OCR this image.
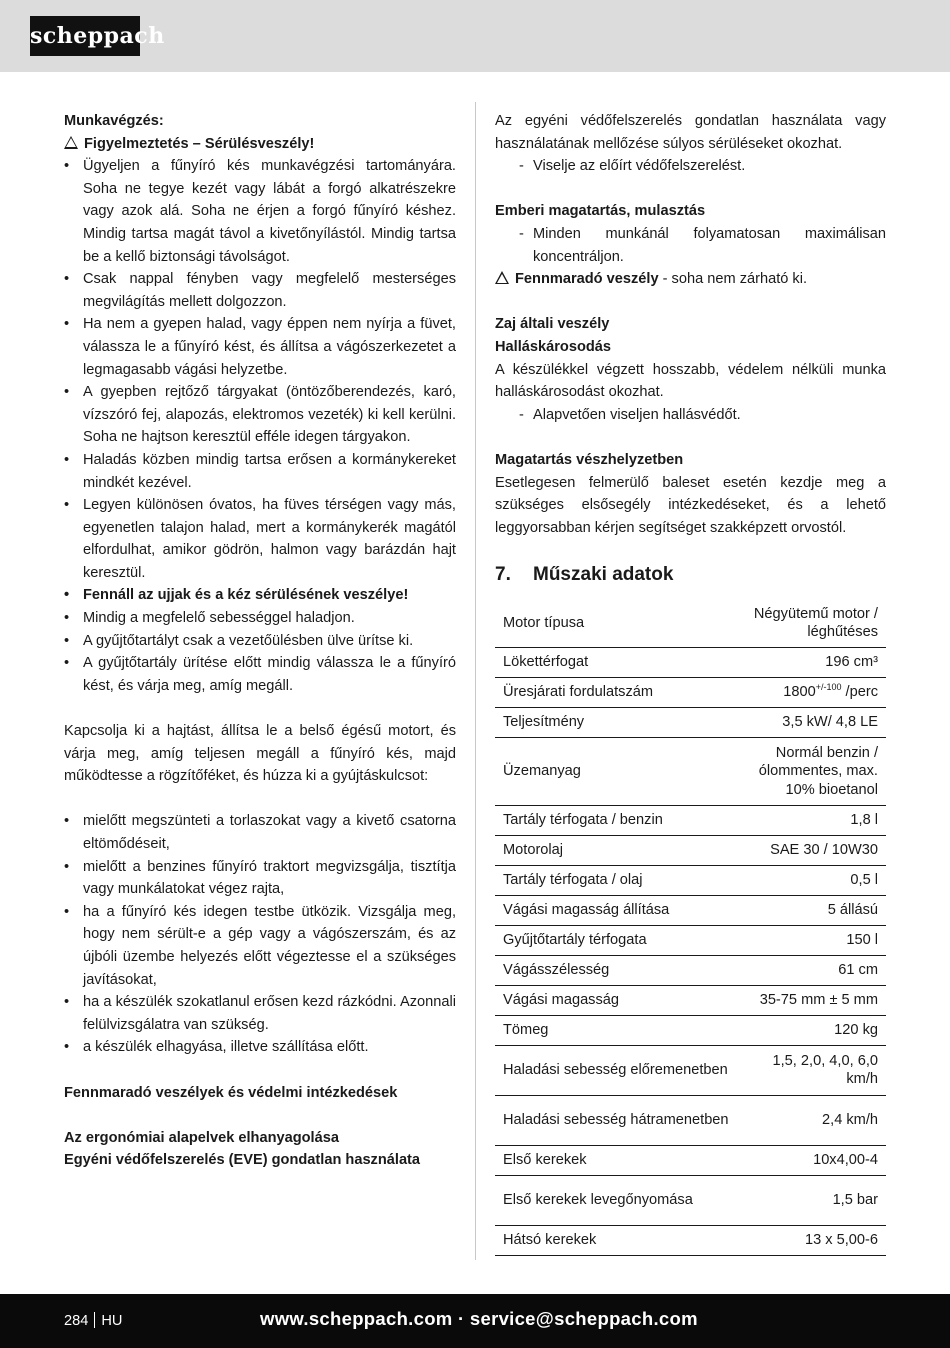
scheppach

Munkavégzés:

Figyelmeztetés – Sérülésveszély!

• Ügyeljen a fűnyíró kés munkavégzési tartományára. Soha ne tegye kezét vagy lábát a forgó alkatrészekre vagy azok alá. Soha ne érjen a forgó fűnyíró késhez. Mindig tartsa magát távol a kivetőnyílástól. Mindig tartsa be a kellő biztonsági távolságot.
• Csak nappal fényben vagy megfelelő mesterséges megvilágítás mellett dolgozzon.
• Ha nem a gyepen halad, vagy éppen nem nyírja a füvet, válassza le a fűnyíró kést, és állítsa a vágószerkezetet a legmagasabb vágási helyzetbe.
• A gyepben rejtőző tárgyakat (öntözőberendezés, karó, vízszóró fej, alapozás, elektromos vezeték) ki kell kerülni. Soha ne hajtson keresztül efféle idegen tárgyakon.
• Haladás közben mindig tartsa erősen a kormánykereket mindkét kezével.
• Legyen különösen óvatos, ha füves térségen vagy más, egyenetlen talajon halad, mert a kormánykerék magától elfordulhat, amikor gödrön, halmon vagy barázdán hajt keresztül.
• Fennáll az ujjak és a kéz sérülésének veszélye!
• Mindig a megfelelő sebességgel haladjon.
• A gyűjtőtartályt csak a vezetőülésben ülve ürítse ki.
• A gyűjtőtartály ürítése előtt mindig válassza le a fűnyíró kést, és várja meg, amíg megáll.

Kapcsolja ki a hajtást, állítsa le a belső égésű motort, és várja meg, amíg teljesen megáll a fűnyíró kés, majd működtesse a rögzítőféket, és húzza ki a gyújtáskulcsot:

• mielőtt megszünteti a torlaszokat vagy a kivető csatorna eltömődéseit,
• mielőtt a benzines fűnyíró traktort megvizsgálja, tisztítja vagy munkálatokat végez rajta,
• ha a fűnyíró kés idegen testbe ütközik. Vizsgálja meg, hogy nem sérült-e a gép vagy a vágószerszám, és az újbóli üzembe helyezés előtt végeztesse el a szükséges javításokat,
• ha a készülék szokatlanul erősen kezd rázkódni. Azonnali felülvizsgálatra van szükség.
• a készülék elhagyása, illetve szállítása előtt.

Fennmaradó veszélyek és védelmi intézkedések

Az ergonómiai alapelvek elhanyagolása

Egyéni védőfelszerelés (EVE) gondatlan használata

Az egyéni védőfelszerelés gondatlan használata vagy használatának mellőzése súlyos sérüléseket okozhat.

- Viselje az előírt védőfelszerelést.

Emberi magatartás, mulasztás

- Minden munkánál folyamatosan maximálisan koncentráljon.

Fennmaradó veszély - soha nem zárható ki.

Zaj általi veszély

Halláskárosodás

A készülékkel végzett hosszabb, védelem nélküli munka halláskárosodást okozhat.

- Alapvetően viseljen hallásvédőt.

Magatartás vészhelyzetben

Esetlegesen felmerülő baleset esetén kezdje meg a szükséges elsősegély intézkedéseket, és a lehető leggyorsabban kérjen segítséget szakképzett orvostól.

7. Műszaki adatok

Motor típusa	Négyütemű motor / léghűtéses
Lökettérfogat	196 cm³
Üresjárati fordulatszám	$1800^{+/-100}$ /perc
Teljesítmény	3,5 kW/ 4,8 LE
Üzemanyag	Normál benzin / ólommentes, max. 10% bioetanol
Tartály térfogata / benzin	1,8 l
Motorolaj	SAE 30 / 10W30
Tartály térfogata / olaj	0,5 l
Vágási magasság állítása	5 állású
Gyűjtőtartály térfogata	150 l
Vágásszélesség	61 cm
Vágási magasság	35-75 mm ± 5 mm
Tömeg	120 kg
Haladási sebesség előremenetben	1,5, 2,0, 4,0, 6,0 km/h
Haladási sebesség hátramenetben	2,4 km/h
Első kerekek	10x4,00-4
Első kerekek levegőnyomása	1,5 bar
Hátsó kerekek	13 x 5,00-6
284 HU	www.scheppach.com · service@scheppach.com
